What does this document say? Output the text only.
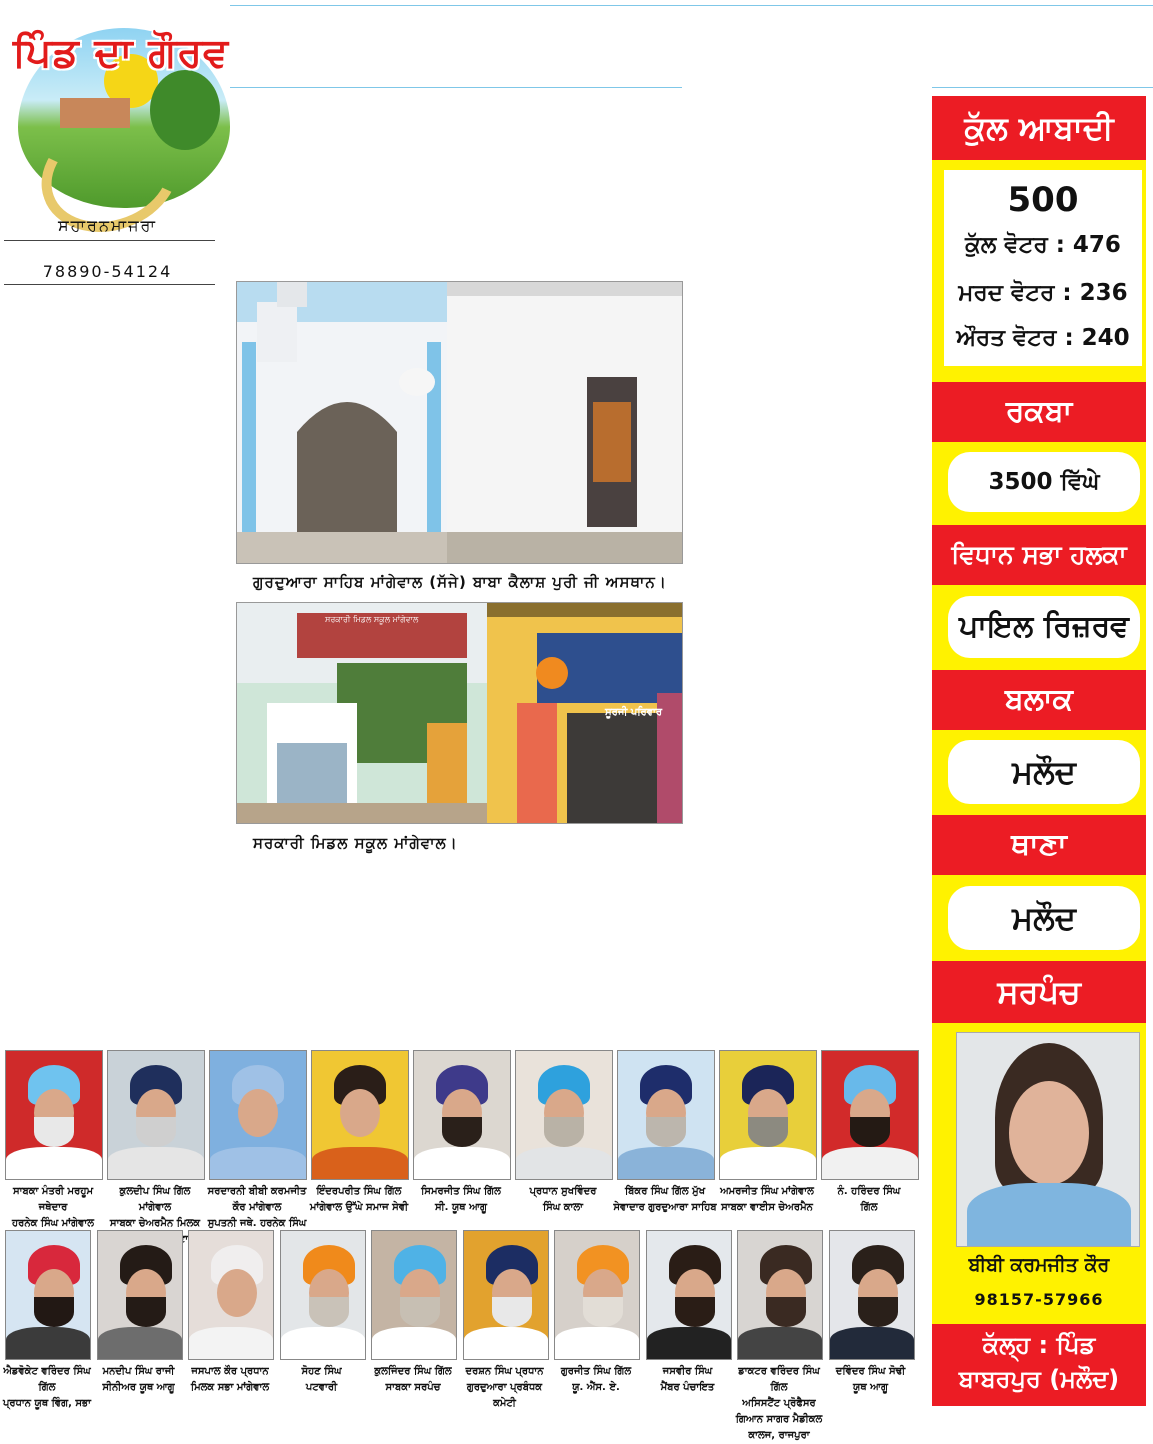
ਪਿੰਡ ਦਾ ਗੌਰਵ
ਸਹਾਰਨਮਾਜਰਾ
78890-54124
ਗੁਰਦੁਆਰਾ ਸਾਹਿਬ ਮਾਂਗੇਵਾਲ (ਸੱਜੇ) ਬਾਬਾ ਕੈਲਾਸ਼ ਪੁਰੀ ਜੀ ਅਸਥਾਨ।
ਸਰਕਾਰੀ ਮਿਡਲ ਸਕੂਲ ਮਾਂਗੇਵਾਲ
ਸੂਰਜੀ ਪਰਿਵਾਰ
ਸਰਕਾਰੀ ਮਿਡਲ ਸਕੂਲ ਮਾਂਗੇਵਾਲ।
ਕੁੱਲ ਆਬਾਦੀ
500
ਕੁੱਲ ਵੋਟਰ : 476
ਮਰਦ ਵੋਟਰ : 236
ਔਰਤ ਵੋਟਰ : 240
ਰਕਬਾ
3500 ਵਿੱਘੇ
ਵਿਧਾਨ ਸਭਾ ਹਲਕਾ
ਪਾਇਲ ਰਿਜ਼ਰਵ
ਬਲਾਕ
ਮਲੌਦ
ਥਾਣਾ
ਮਲੌਦ
ਸਰਪੰਚ
ਬੀਬੀ ਕਰਮਜੀਤ ਕੌਰ
98157-57966
ਕੱਲ੍ਹ : ਪਿੰਡ
ਬਾਬਰਪੁਰ (ਮਲੌਦ)
ਸਾਬਕਾ ਮੰਤਰੀ ਮਰਹੂਮ ਜਥੇਦਾਰ
ਹਰਨੇਕ ਸਿੰਘ ਮਾਂਗੇਵਾਲ
ਕੁਲਦੀਪ ਸਿੰਘ ਗਿੱਲ ਮਾਂਗੇਵਾਲ
ਸਾਬਕਾ ਚੇਅਰਮੈਨ ਮਿਲਕ
ਸਰਦਾਰਨੀ ਬੀਬੀ ਕਰਮਜੀਤ ਕੌਰ ਮਾਂਗੇਵਾਲ
ਸੁਪਤਨੀ ਜਥੇ. ਹਰਨੇਕ ਸਿੰਘ
ਇੰਦਰਪਰੀਤ ਸਿੰਘ ਗਿੱਲ
ਮਾਂਗੇਵਾਲ ਉੱਘੇ ਸਮਾਜ ਸੇਵੀ
ਸਿਮਰਜੀਤ ਸਿੰਘ ਗਿੱਲ
ਸੀ. ਯੂਥ ਆਗੂ
ਪ੍ਰਧਾਨ ਸੁਖਵਿੰਦਰ
ਸਿੰਘ ਕਾਲਾ
ਬਿੱਕਰ ਸਿੰਘ ਗਿੱਲ ਮੁੱਖ
ਸੇਵਾਦਾਰ ਗੁਰਦੁਆਰਾ ਸਾਹਿਬ
ਅਮਰਜੀਤ ਸਿੰਘ ਮਾਂਗੇਵਾਲ
ਸਾਬਕਾ ਵਾਈਸ ਚੇਅਰਮੈਨ
ਨੰ. ਹਰਿੰਦਰ ਸਿੰਘ
ਗਿੱਲ
ਐਡਵੋਕੇਟ ਵਰਿੰਦਰ ਸਿੰਘ ਗਿੱਲ
ਪ੍ਰਧਾਨ ਯੂਥ ਵਿੰਗ, ਸਭਾ
ਮਨਦੀਪ ਸਿੰਘ ਰਾਜੀ
ਸੀਨੀਅਰ ਯੂਥ ਆਗੂ
ਜਸਪਾਲ ਕੌਰ ਪ੍ਰਧਾਨ
ਮਿਲਕ ਸਭਾ ਮਾਂਗੇਵਾਲ
ਸੋਹਣ ਸਿੰਘ
ਪਟਵਾਰੀ
ਕੁਲਜਿੰਦਰ ਸਿੰਘ ਗਿੱਲ
ਸਾਬਕਾ ਸਰਪੰਚ
ਦਰਸ਼ਨ ਸਿੰਘ ਪ੍ਰਧਾਨ
ਗੁਰਦੁਆਰਾ ਪ੍ਰਬੰਧਕ ਕਮੇਟੀ
ਗੁਰਜੀਤ ਸਿੰਘ ਗਿੱਲ
ਯੂ. ਐੱਸ. ਏ.
ਜਸਵੀਰ ਸਿੰਘ
ਮੈਂਬਰ ਪੰਚਾਇਤ
ਡਾਕਟਰ ਵਰਿੰਦਰ ਸਿੰਘ ਗਿੱਲ
ਅਸਿਸਟੈਂਟ ਪ੍ਰੋਫੈਸਰ ਗਿਆਨ ਸਾਗਰ ਮੈਡੀਕਲ ਕਾਲਜ, ਰਾਜਪੁਰਾ
ਦਵਿੰਦਰ ਸਿੰਘ ਸੋਢੀ
ਯੂਥ ਆਗੂ
